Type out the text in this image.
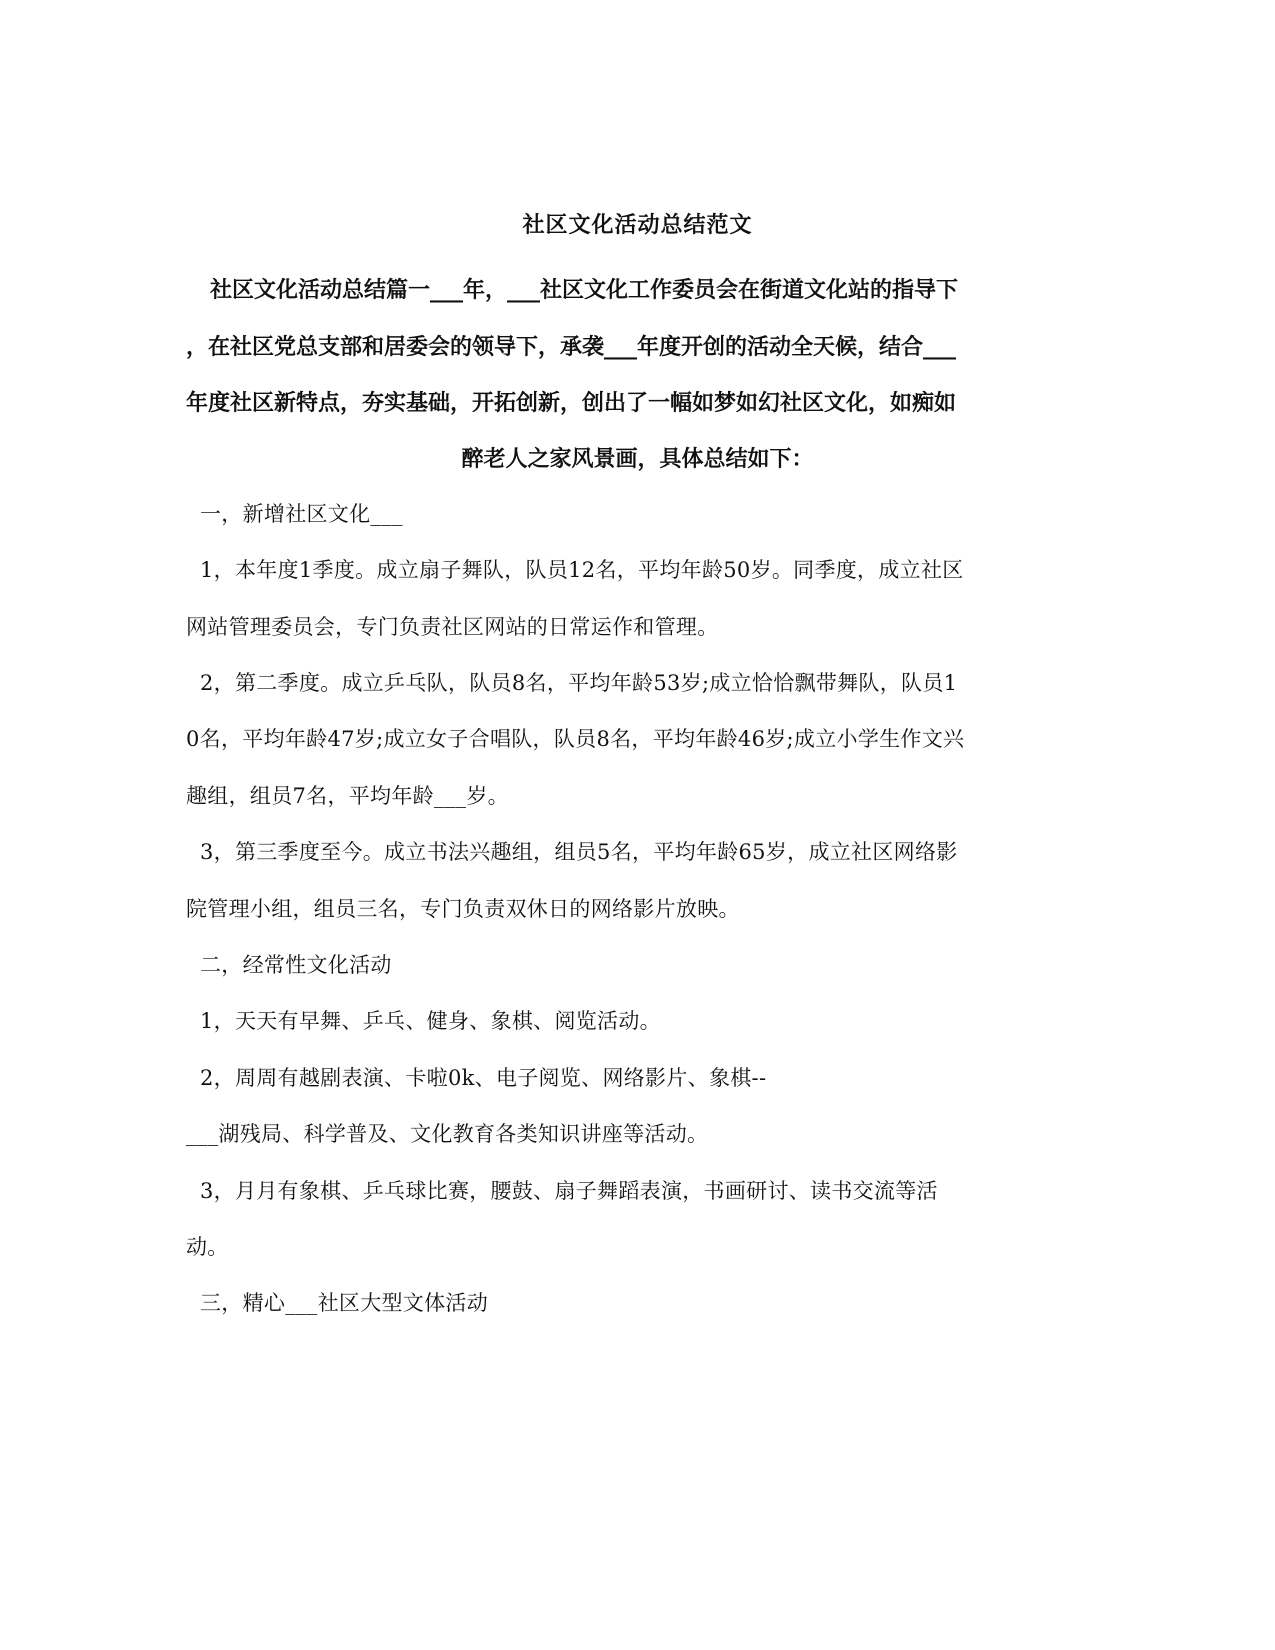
社区文化活动总结范文
社区文化活动总结篇一___年，___社区文化工作委员会在街道文化站的指导下
，在社区党总支部和居委会的领导下，承袭___年度开创的活动全天候，结合___
年度社区新特点，夯实基础，开拓创新，创出了一幅如梦如幻社区文化，如痴如
醉老人之家风景画，具体总结如下：
一，新增社区文化___
1，本年度1季度。成立扇子舞队，队员12名，平均年龄50岁。同季度，成立社区
网站管理委员会，专门负责社区网站的日常运作和管理。
2，第二季度。成立乒乓队，队员8名，平均年龄53岁;成立恰恰飘带舞队，队员1
0名，平均年龄47岁;成立女子合唱队，队员8名，平均年龄46岁;成立小学生作文兴
趣组，组员7名，平均年龄___岁。
3，第三季度至今。成立书法兴趣组，组员5名，平均年龄65岁，成立社区网络影
院管理小组，组员三名，专门负责双休日的网络影片放映。
二，经常性文化活动
1，天天有早舞、乒乓、健身、象棋、阅览活动。
2，周周有越剧表演、卡啦0k、电子阅览、网络影片、象棋--
___湖残局、科学普及、文化教育各类知识讲座等活动。
3，月月有象棋、乒乓球比赛，腰鼓、扇子舞蹈表演，书画研讨、读书交流等活
动。
三，精心___社区大型文体活动
